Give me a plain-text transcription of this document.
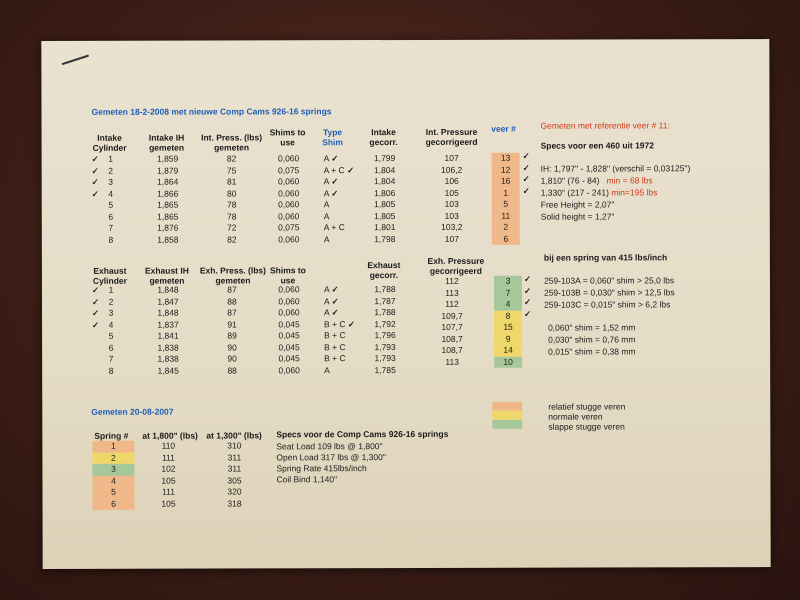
Gemeten 18-2-2008 met nieuwe Comp Cams 926-16 springs
Intake
Cylinder
Intake IH
gemeten
Int. Press. (lbs)
gemeten
Shims to
use
Type
Shim
Intake
gecorr.
Int. Pressure
gecorrigeerd
veer #
✓
✓
✓
✓
1
2
3
4
5
6
7
8
1,859
1,879
1,864
1,866
1,865
1,865
1,876
1,858
82
75
81
80
78
78
72
82
0,060
0,075
0,060
0,060
0,060
0,060
0,075
0,060
A ✓
A + C ✓
A ✓
A ✓
A
A
A + C
A
1,799
1,804
1,804
1,806
1,805
1,805
1,801
1,798
107
106,2
106
105
103
103
103,2
107
13
12
16
1
5
11
2
6
✓
✓
✓
✓
Gemeten met referentie veer # 11:
Specs voor een 460 uit 1972
IH: 1,797" - 1,828" (verschil = 0,03125")
1,810" (76 - 84) min = 68 lbs
1,330" (217 - 241) min=195 lbs
Free Height = 2,07"
Solid height = 1,27"
Exhaust
Cylinder
Exhaust IH
gemeten
Exh. Press. (lbs)
gemeten
Shims to
use
Exhaust
gecorr.
Exh. Pressure
gecorrigeerd
✓
✓
✓
✓
1
2
3
4
5
6
7
8
1,848
1,847
1,848
1,837
1,841
1,838
1,838
1,845
87
88
87
91
89
90
90
88
0,060
0,060
0,060
0,045
0,045
0,045
0,045
0,060
A ✓
A ✓
A ✓
B + C ✓
B + C
B + C
B + C
A
1,788
1,787
1,788
1,792
1,796
1,793
1,793
1,785
112
113
112
109,7
107,7
108,7
108,7
113
3
7
4
8
15
9
14
10
✓
✓
✓
✓
bij een spring van 415 lbs/inch
259-103A = 0,060" shim > 25,0 lbs
259-103B = 0,030" shim > 12,5 lbs
259-103C = 0,015" shim > 6,2 lbs
0,060" shim = 1,52 mm
0,030" shim = 0,76 mm
0,015" shim = 0,38 mm
relatief stugge veren
normale veren
slappe stugge veren
Gemeten 20-08-2007
Spring # at 1,800" (lbs) at 1,300" (lbs)
1
2
3
4
5
6
110
111
102
105
111
105
310
311
311
305
320
318
Specs voor de Comp Cams 926-16 springs
Seat Load 109 lbs @ 1,800"
Open Load 317 lbs @ 1,300"
Spring Rate 415lbs/inch
Coil Bind 1,140"
